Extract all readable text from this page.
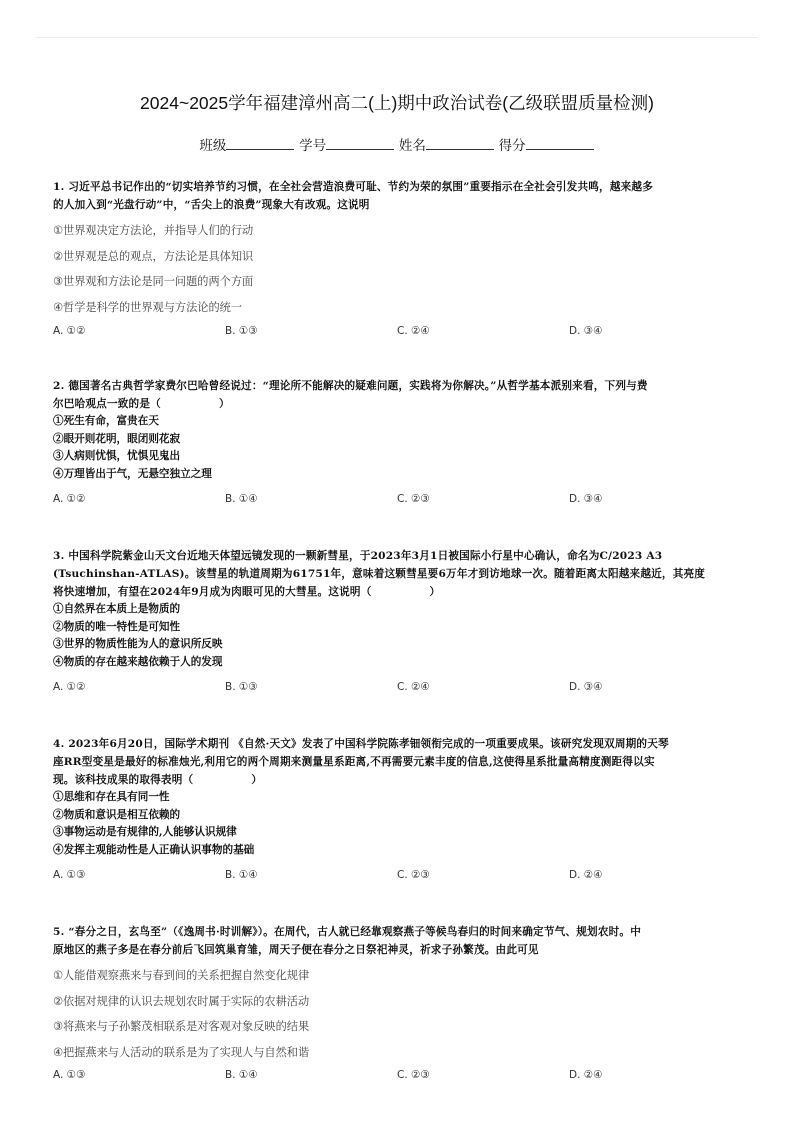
2024~2025学年福建漳州高二(上)期中政治试卷(乙级联盟质量检测)
班级	学号	姓名	得分

1. 习近平总书记作出的“切实培养节约习惯，在全社会营造浪费可耻、节约为荣的氛围”重要指示在全社会引发共鸣，越来越多
的人加入到“光盘行动”中，“舌尖上的浪费”现象大有改观。这说明

①世界观决定方法论，并指导人们的行动
②世界观是总的观点，方法论是具体知识
③世界观和方法论是同一问题的两个方面
④哲学是科学的世界观与方法论的统一
A. ①②	B. ①③	C. ②④	D. ③④

2. 德国著名古典哲学家费尔巴哈曾经说过：“理论所不能解决的疑难问题，实践将为你解决。”从哲学基本派别来看，下列与费
尔巴哈观点一致的是（	）

①死生有命，富贵在天
②眼开则花明，眼闭则花寂
③人病则忧惧，忧惧见鬼出
④万理皆出于气，无悬空独立之理
A. ①②	B. ①④	C. ②③	D. ③④

3. 中国科学院紫金山天文台近地天体望远镜发现的一颗新彗星，于2023年3月1日被国际小行星中心确认，命名为C/2023 A3
(Tsuchinshan-ATLAS)。该彗星的轨道周期为61751年，意味着这颗彗星要6万年才到访地球一次。随着距离太阳越来越近，其亮度
将快速增加，有望在2024年9月成为肉眼可见的大彗星。这说明（	）

①自然界在本质上是物质的
②物质的唯一特性是可知性
③世界的物质性能为人的意识所反映
④物质的存在越来越依赖于人的发现
A. ①②	B. ①③	C. ②④	D. ③④

4. 2023年6月20日，国际学术期刊 《自然·天文》发表了中国科学院陈孝钿领衔完成的一项重要成果。该研究发现双周期的天琴
座RR型变星是最好的标准烛光,利用它的两个周期来测量星系距离,不再需要元素丰度的信息,这使得星系批量高精度测距得以实
现。该科技成果的取得表明（	）

①思维和存在具有同一性
②物质和意识是相互依赖的
③事物运动是有规律的,人能够认识规律
④发挥主观能动性是人正确认识事物的基础
A. ①③	B. ①④	C. ②③	D. ②④

5. “春分之日，玄鸟至”（《逸周书·时训解》）。在周代，古人就已经靠观察燕子等候鸟春归的时间来确定节气、规划农时。中
原地区的燕子多是在春分前后飞回筑巢育雏，周天子便在春分之日祭祀神灵，祈求子孙繁茂。由此可见

①人能借观察燕来与春到间的关系把握自然变化规律
②依据对规律的认识去规划农时属于实际的农耕活动
③将燕来与子孙繁茂相联系是对客观对象反映的结果
④把握燕来与人活动的联系是为了实现人与自然和谐
A. ①③	B. ①④	C. ②③	D. ②④
